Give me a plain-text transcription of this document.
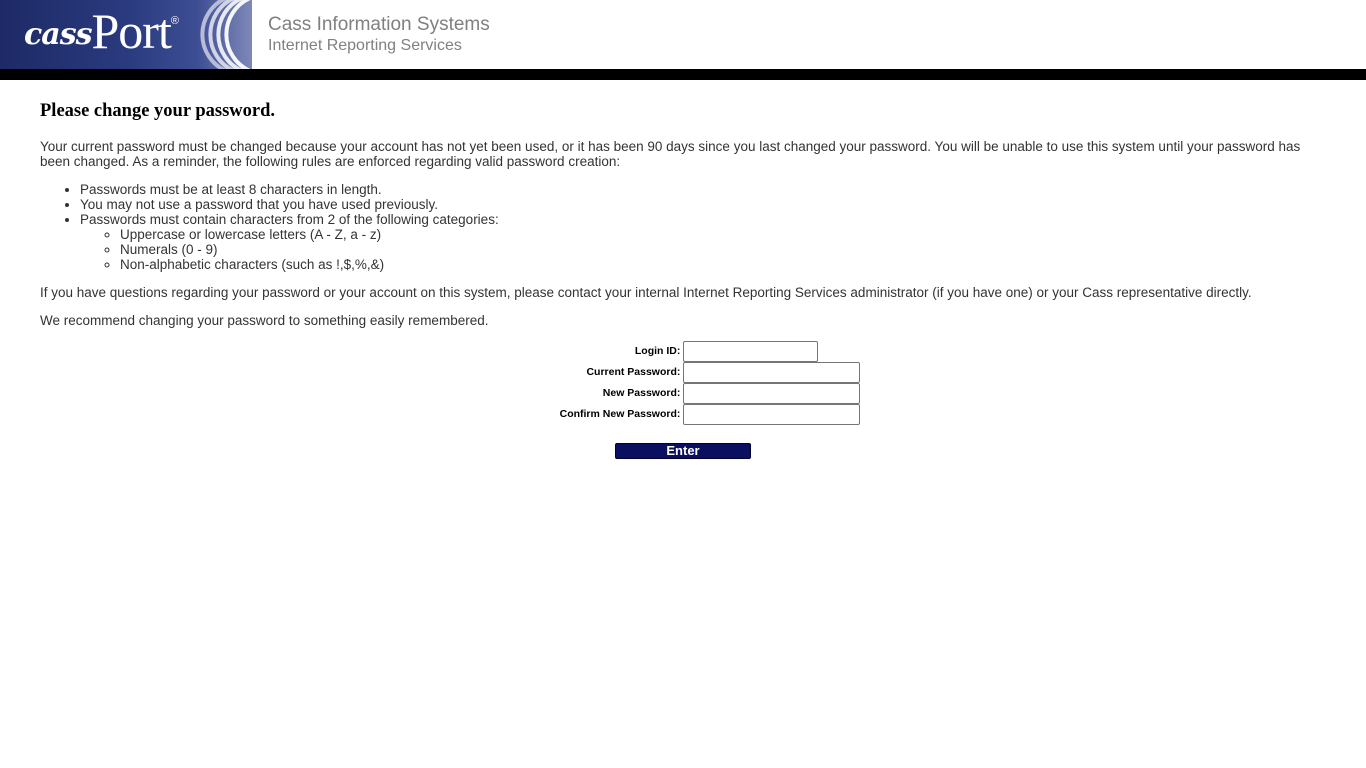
cassPort®	Cass Information Systems
Internet Reporting Services
Please change your password.

Your current password must be changed because your account has not yet been used, or it has been 90 days since you last changed your password. You will be unable to use this system until your password has been changed. As a reminder, the following rules are enforced regarding valid password creation:

• Passwords must be at least 8 characters in length.
• You may not use a password that you have used previously.
• Passwords must contain characters from 2 of the following categories:
◦ Uppercase or lowercase letters (A - Z, a - z)
◦ Numerals (0 - 9)
◦ Non-alphabetic characters (such as !,$,%,&)

If you have questions regarding your password or your account on this system, please contact your internal Internet Reporting Services administrator (if you have one) or your Cass representative directly.

We recommend changing your password to something easily remembered.

Login ID:	
Current Password:	
New Password:	
Confirm New Password:	
Enter
